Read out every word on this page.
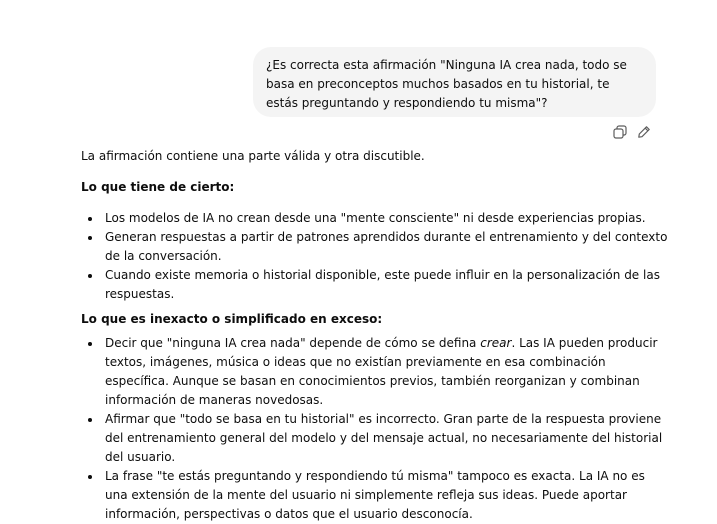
¿Es correcta esta afirmación "Ninguna IA crea nada, todo se basa en preconceptos muchos basados en tu historial, te estás preguntando y respondiendo tu misma"?

La afirmación contiene una parte válida y otra discutible.

Lo que tiene de cierto:

Los modelos de IA no crean desde una "mente consciente" ni desde experiencias propias.
Generan respuestas a partir de patrones aprendidos durante el entrenamiento y del contexto de la conversación.
Cuando existe memoria o historial disponible, este puede influir en la personalización de las respuestas.

Lo que es inexacto o simplificado en exceso:

Decir que "ninguna IA crea nada" depende de cómo se defina crear. Las IA pueden producir textos, imágenes, música o ideas que no existían previamente en esa combinación específica. Aunque se basan en conocimientos previos, también reorganizan y combinan información de maneras novedosas.
Afirmar que "todo se basa en tu historial" es incorrecto. Gran parte de la respuesta proviene del entrenamiento general del modelo y del mensaje actual, no necesariamente del historial del usuario.
La frase "te estás preguntando y respondiendo tú misma" tampoco es exacta. La IA no es una extensión de la mente del usuario ni simplemente refleja sus ideas. Puede aportar información, perspectivas o datos que el usuario desconocía.
